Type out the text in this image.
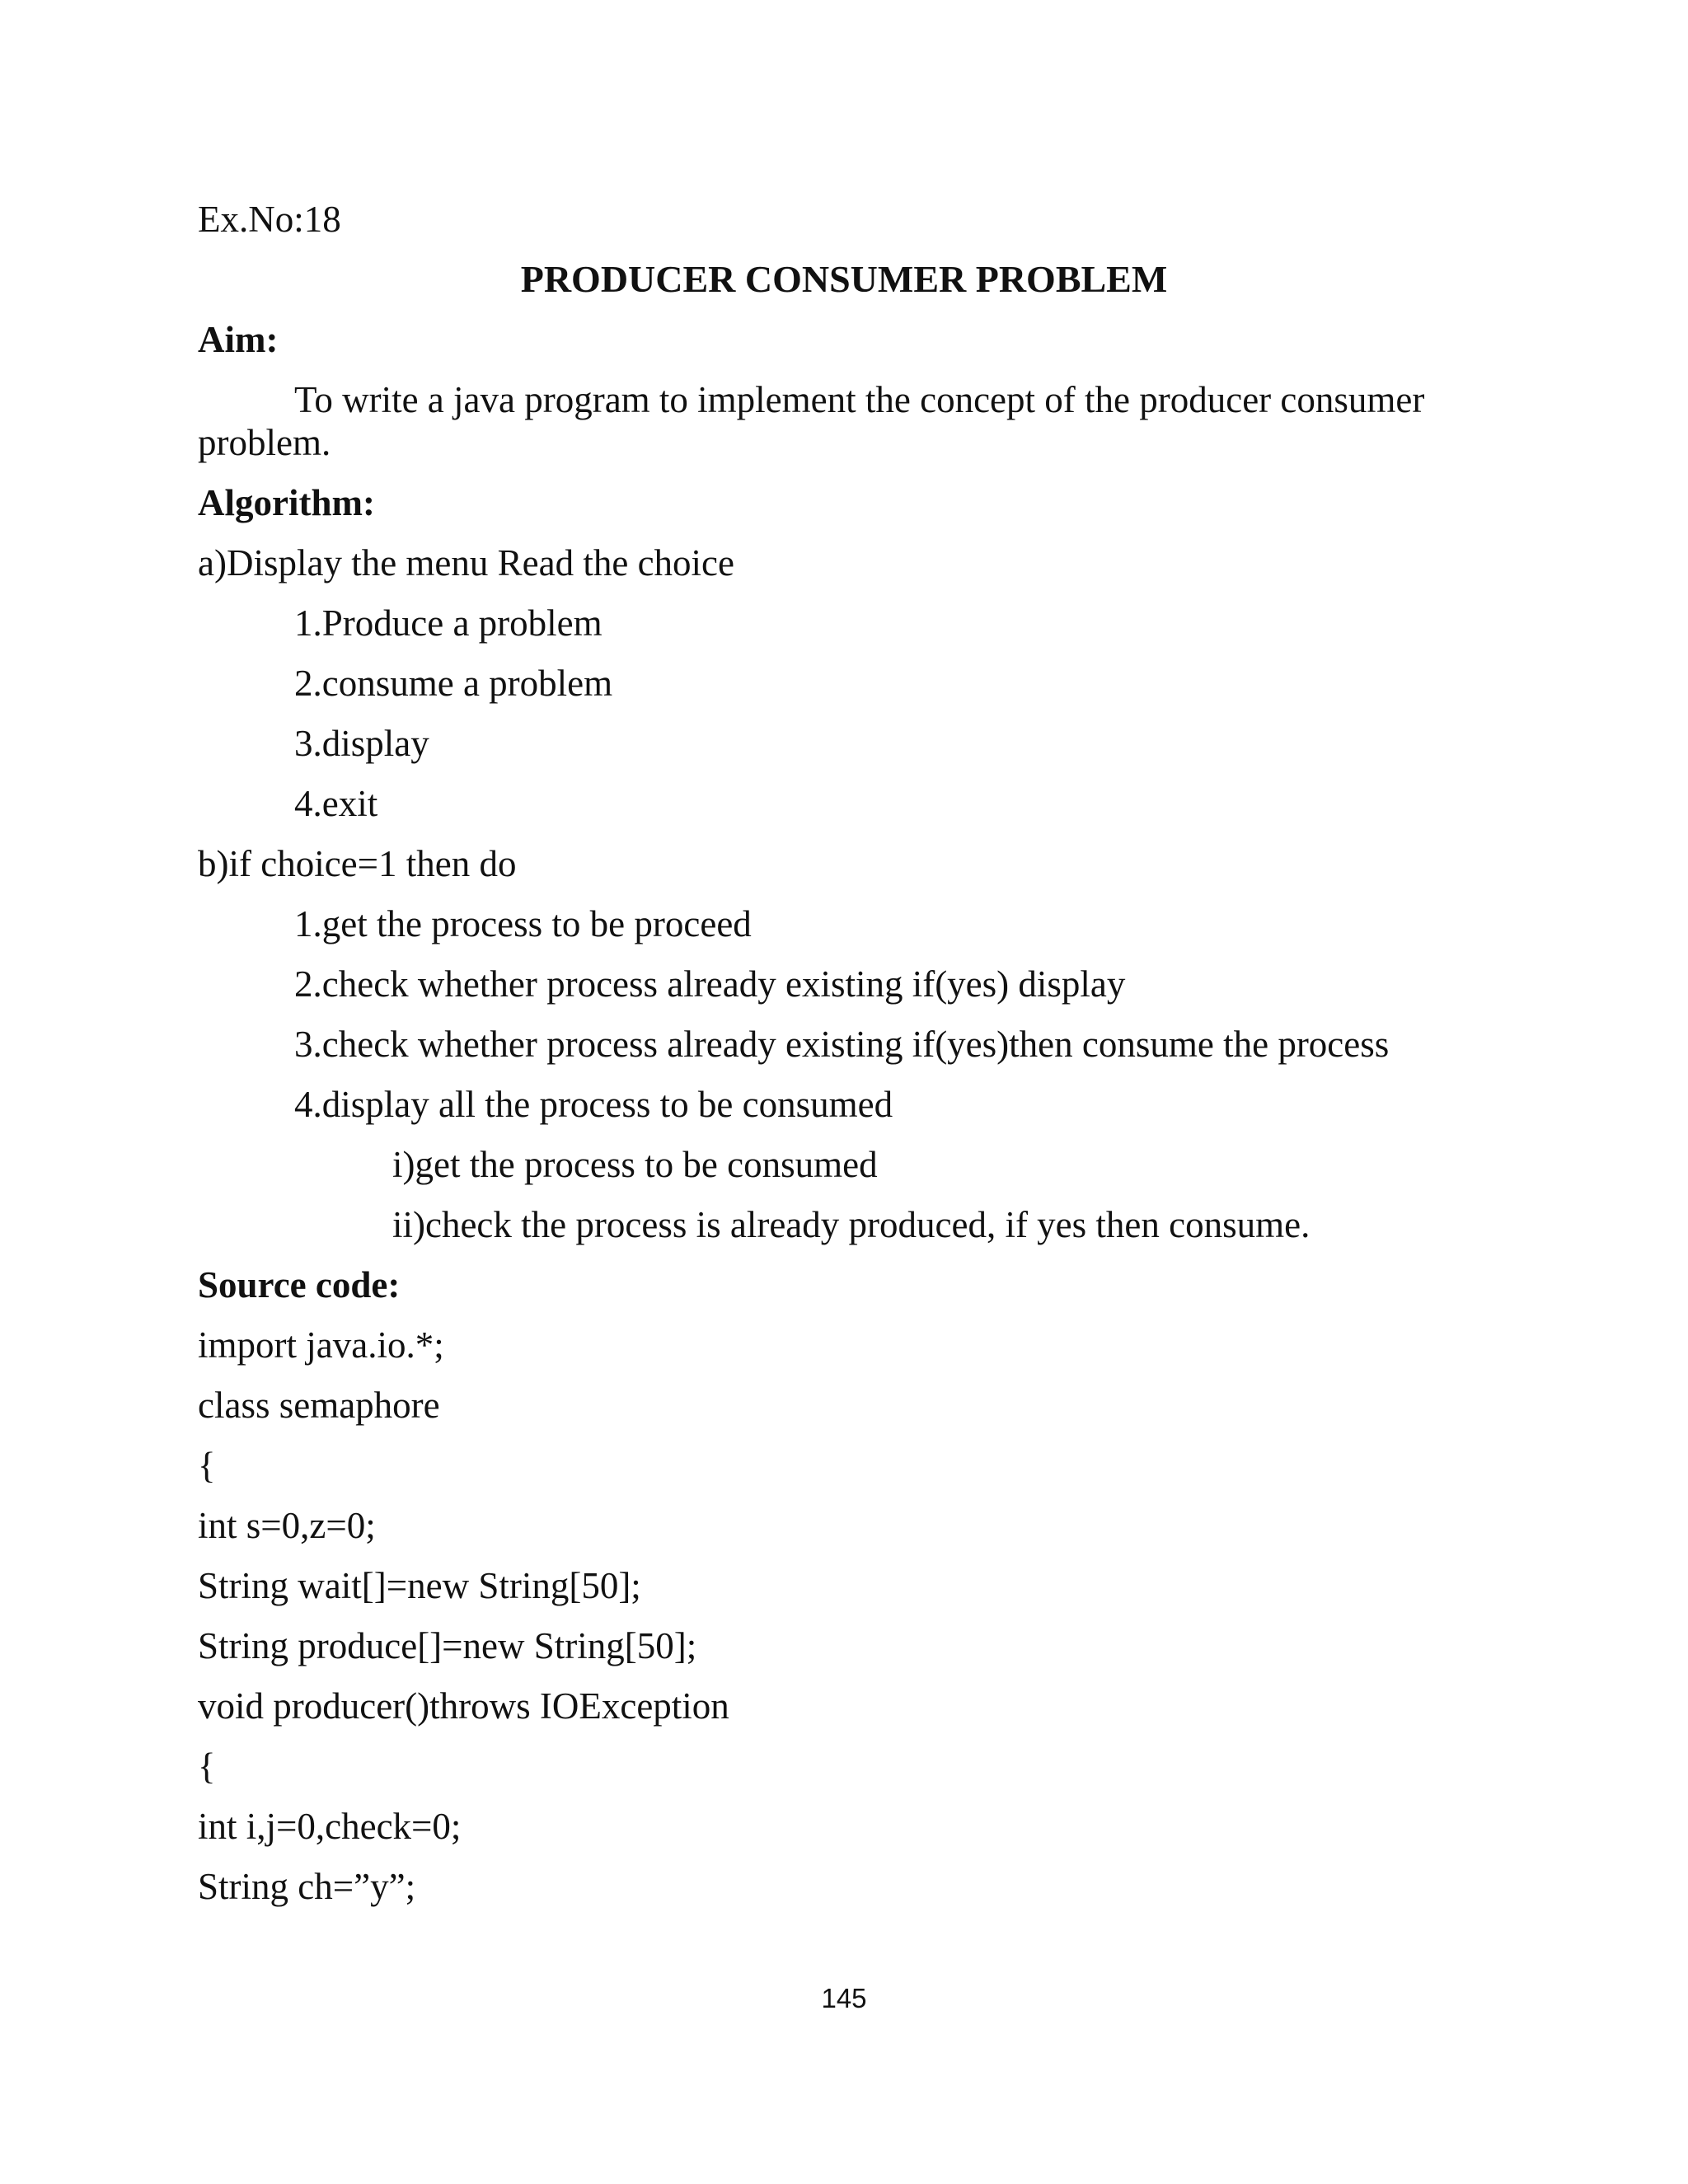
Ex.No:18
PRODUCER CONSUMER PROBLEM
Aim:
To write a java program to implement the concept of the producer consumer
problem.
Algorithm:
a)Display the menu Read the choice
1.Produce a problem
2.consume a problem
3.display
4.exit
b)if choice=1 then do
1.get the process to be proceed
2.check whether process already existing if(yes) display
3.check whether process already existing if(yes)then consume the process
4.display all the process to be consumed
i)get the process to be consumed
ii)check the process is already produced, if yes then consume.
Source code:
import java.io.*;
class semaphore
{
int s=0,z=0;
String wait[]=new String[50];
String produce[]=new String[50];
void producer()throws IOException
{
int i,j=0,check=0;
String ch=”y”;
145
